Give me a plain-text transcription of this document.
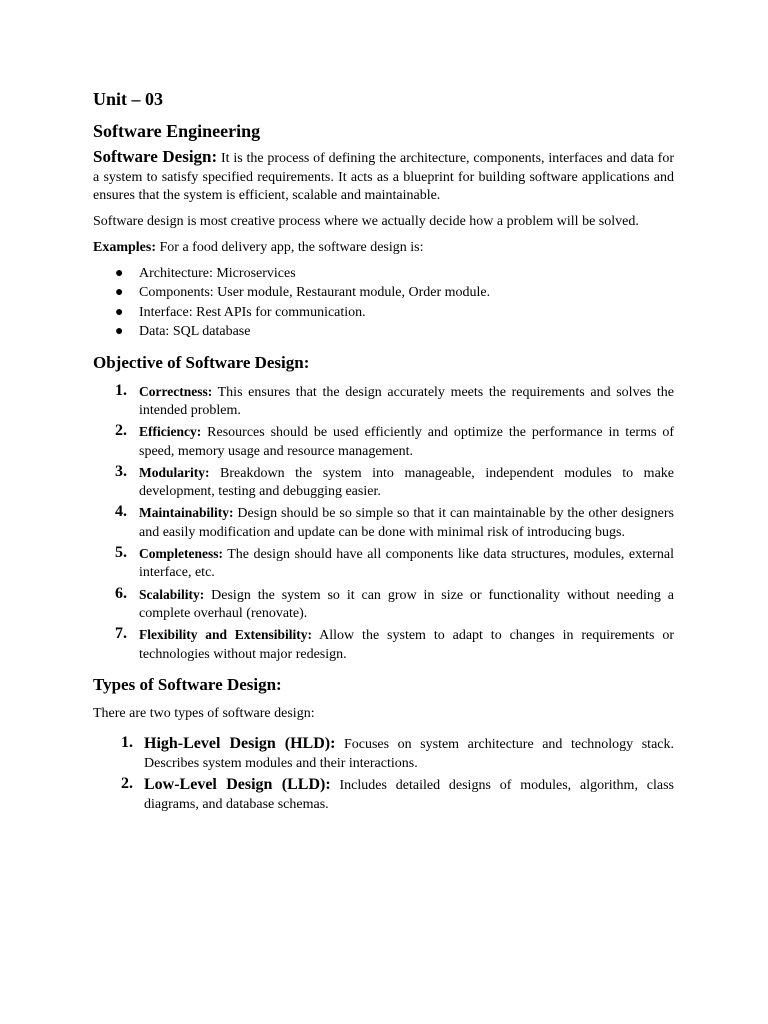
Unit – 03
Software Engineering

Software Design: It is the process of defining the architecture, components, interfaces and data for a system to satisfy specified requirements. It acts as a blueprint for building software applications and ensures that the system is efficient, scalable and maintainable.

Software design is most creative process where we actually decide how a problem will be solved.

Examples: For a food delivery app, the software design is:

● Architecture: Microservices
● Components: User module, Restaurant module, Order module.
● Interface: Rest APIs for communication.
● Data: SQL database
Objective of Software Design:
1. Correctness: This ensures that the design accurately meets the requirements and solves the intended problem.
2. Efficiency: Resources should be used efficiently and optimize the performance in terms of speed, memory usage and resource management.
3. Modularity: Breakdown the system into manageable, independent modules to make development, testing and debugging easier.
4. Maintainability: Design should be so simple so that it can maintainable by the other designers and easily modification and update can be done with minimal risk of introducing bugs.
5. Completeness: The design should have all components like data structures, modules, external interface, etc.
6. Scalability: Design the system so it can grow in size or functionality without needing a complete overhaul (renovate).
7. Flexibility and Extensibility: Allow the system to adapt to changes in requirements or technologies without major redesign.
Types of Software Design:

There are two types of software design:

1. High-Level Design (HLD): Focuses on system architecture and technology stack. Describes system modules and their interactions.
2. Low-Level Design (LLD): Includes detailed designs of modules, algorithm, class diagrams, and database schemas.
